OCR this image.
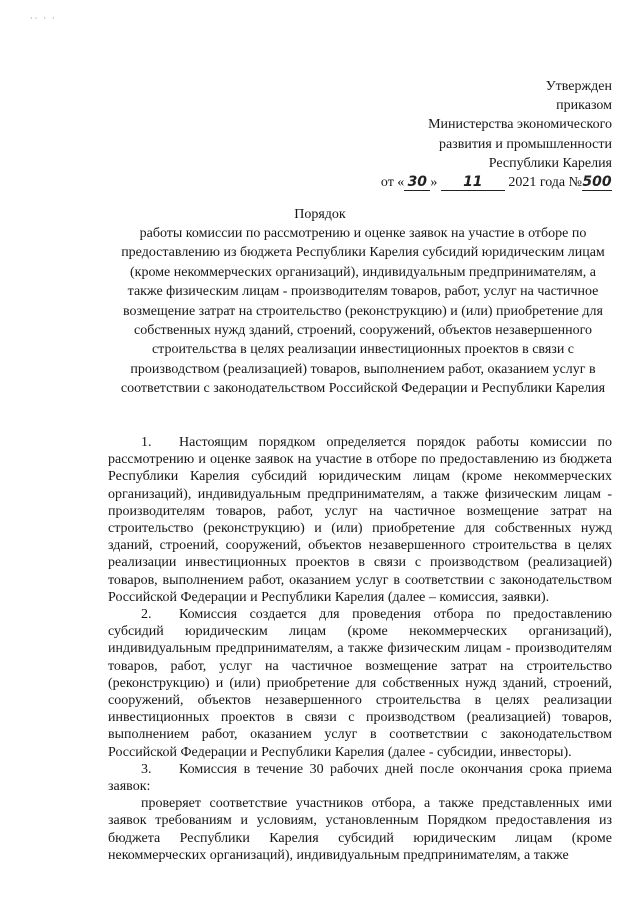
·· · ·
Утвержден
приказом
Министерства экономического
развития и промышленности
Республики Карелия
от « 30 » 11 2021 года №500
Порядок
работы комиссии по рассмотрению и оценке заявок на участие в отборе по предоставлению из бюджета Республики Карелия субсидий юридическим лицам (кроме некоммерческих организаций), индивидуальным предпринимателям, а также физическим лицам - производителям товаров, работ, услуг на частичное возмещение затрат на строительство (реконструкцию) и (или) приобретение для собственных нужд зданий, строений, сооружений, объектов незавершенного строительства в целях реализации инвестиционных проектов в связи с производством (реализацией) товаров, выполнением работ, оказанием услуг в соответствии с законодательством Российской Федерации и Республики Карелия

1. Настоящим порядком определяется порядок работы комиссии по рассмотрению и оценке заявок на участие в отборе по предоставлению из бюджета Республики Карелия субсидий юридическим лицам (кроме некоммерческих организаций), индивидуальным предпринимателям, а также физическим лицам - производителям товаров, работ, услуг на частичное возмещение затрат на строительство (реконструкцию) и (или) приобретение для собственных нужд зданий, строений, сооружений, объектов незавершенного строительства в целях реализации инвестиционных проектов в связи с производством (реализацией) товаров, выполнением работ, оказанием услуг в соответствии с законодательством Российской Федерации и Республики Карелия (далее – комиссия, заявки).

2. Комиссия создается для проведения отбора по предоставлению субсидий юридическим лицам (кроме некоммерческих организаций), индивидуальным предпринимателям, а также физическим лицам - производителям товаров, работ, услуг на частичное возмещение затрат на строительство (реконструкцию) и (или) приобретение для собственных нужд зданий, строений, сооружений, объектов незавершенного строительства в целях реализации инвестиционных проектов в связи с производством (реализацией) товаров, выполнением работ, оказанием услуг в соответствии с законодательством Российской Федерации и Республики Карелия (далее - субсидии, инвесторы).

3. Комиссия в течение 30 рабочих дней после окончания срока приема заявок:

проверяет соответствие участников отбора, а также представленных ими заявок требованиям и условиям, установленным Порядком предоставления из бюджета Республики Карелия субсидий юридическим лицам (кроме некоммерческих организаций), индивидуальным предпринимателям, а также
